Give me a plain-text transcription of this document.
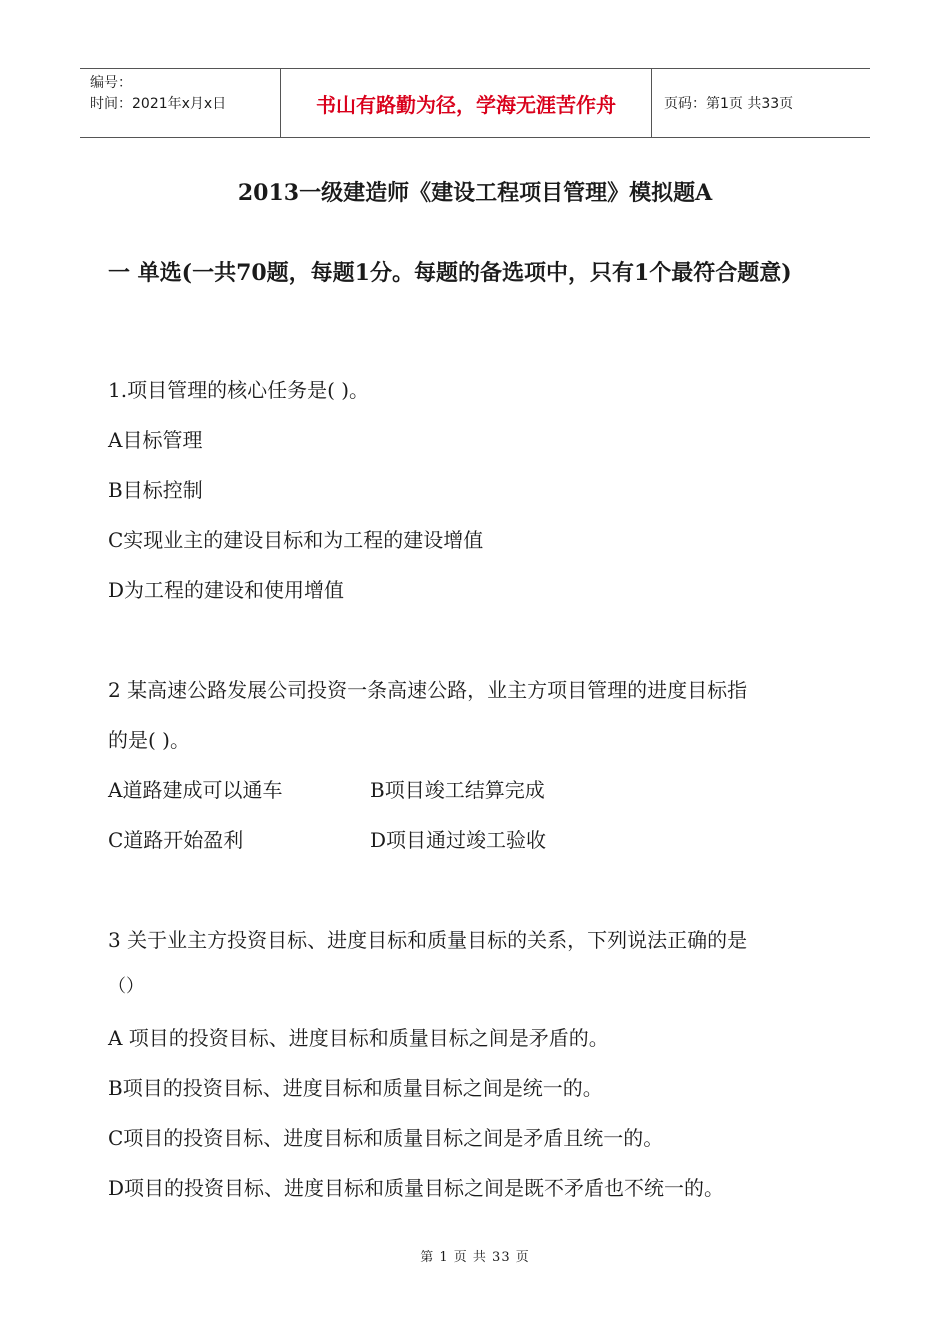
编号：
时间：2021年x月x日	书山有路勤为径，学海无涯苦作舟	页码：第1页 共33页
2013一级建造师《建设工程项目管理》模拟题A
一 单选(一共70题，每题1分。每题的备选项中，只有1个最符合题意)
1.项目管理的核心任务是( )。
A目标管理
B目标控制
C实现业主的建设目标和为工程的建设增值
D为工程的建设和使用增值
2 某高速公路发展公司投资一条高速公路，业主方项目管理的进度目标指
的是( )。
A道路建成可以通车	B项目竣工结算完成
C道路开始盈利	D项目通过竣工验收
3 关于业主方投资目标、进度目标和质量目标的关系，下列说法正确的是
（）
A 项目的投资目标、进度目标和质量目标之间是矛盾的。
B项目的投资目标、进度目标和质量目标之间是统一的。
C项目的投资目标、进度目标和质量目标之间是矛盾且统一的。
D项目的投资目标、进度目标和质量目标之间是既不矛盾也不统一的。
第 1 页 共 33 页
